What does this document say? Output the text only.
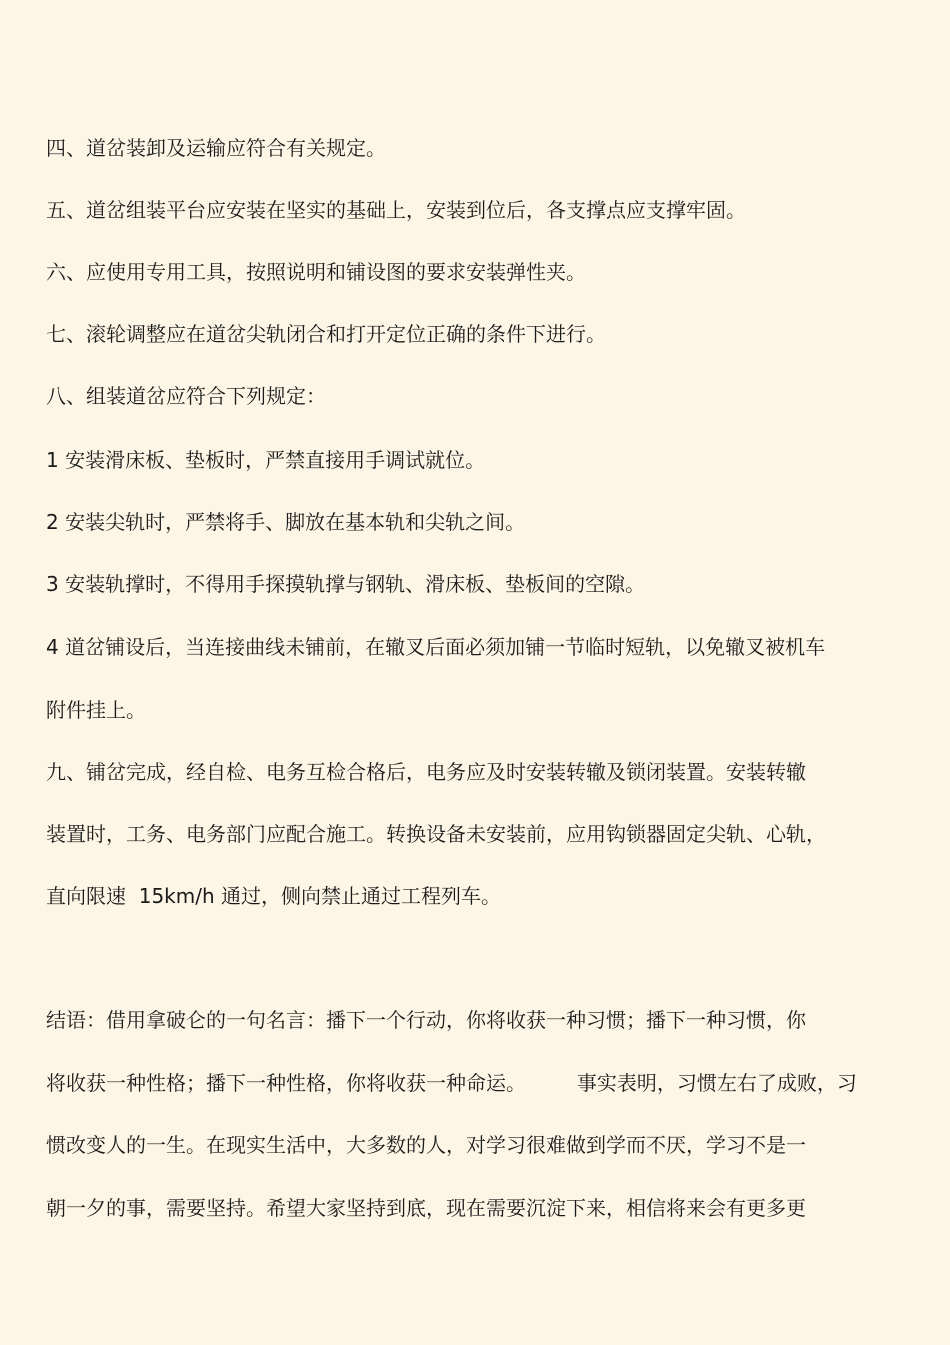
四、道岔装卸及运输应符合有关规定。
五、道岔组装平台应安装在坚实的基础上，安装到位后，各支撑点应支撑牢固。
六、应使用专用工具，按照说明和铺设图的要求安装弹性夹。
七、滚轮调整应在道岔尖轨闭合和打开定位正确的条件下进行。
八、组装道岔应符合下列规定：
1 安装滑床板、垫板时，严禁直接用手调试就位。
2 安装尖轨时，严禁将手、脚放在基本轨和尖轨之间。
3 安装轨撑时，不得用手探摸轨撑与钢轨、滑床板、垫板间的空隙。
4 道岔铺设后，当连接曲线未铺前，在辙叉后面必须加铺一节临时短轨，以免辙叉被机车
附件挂上。
九、铺岔完成，经自检、电务互检合格后，电务应及时安装转辙及锁闭装置。安装转辙
装置时，工务、电务部门应配合施工。转换设备未安装前，应用钩锁器固定尖轨、心轨，
直向限速  15km/h 通过，侧向禁止通过工程列车。
结语：借用拿破仑的一句名言：播下一个行动，你将收获一种习惯；播下一种习惯，你
将收获一种性格；播下一种性格，你将收获一种命运。        事实表明，习惯左右了成败，习
惯改变人的一生。在现实生活中，大多数的人，对学习很难做到学而不厌，学习不是一
朝一夕的事，需要坚持。希望大家坚持到底，现在需要沉淀下来，相信将来会有更多更
